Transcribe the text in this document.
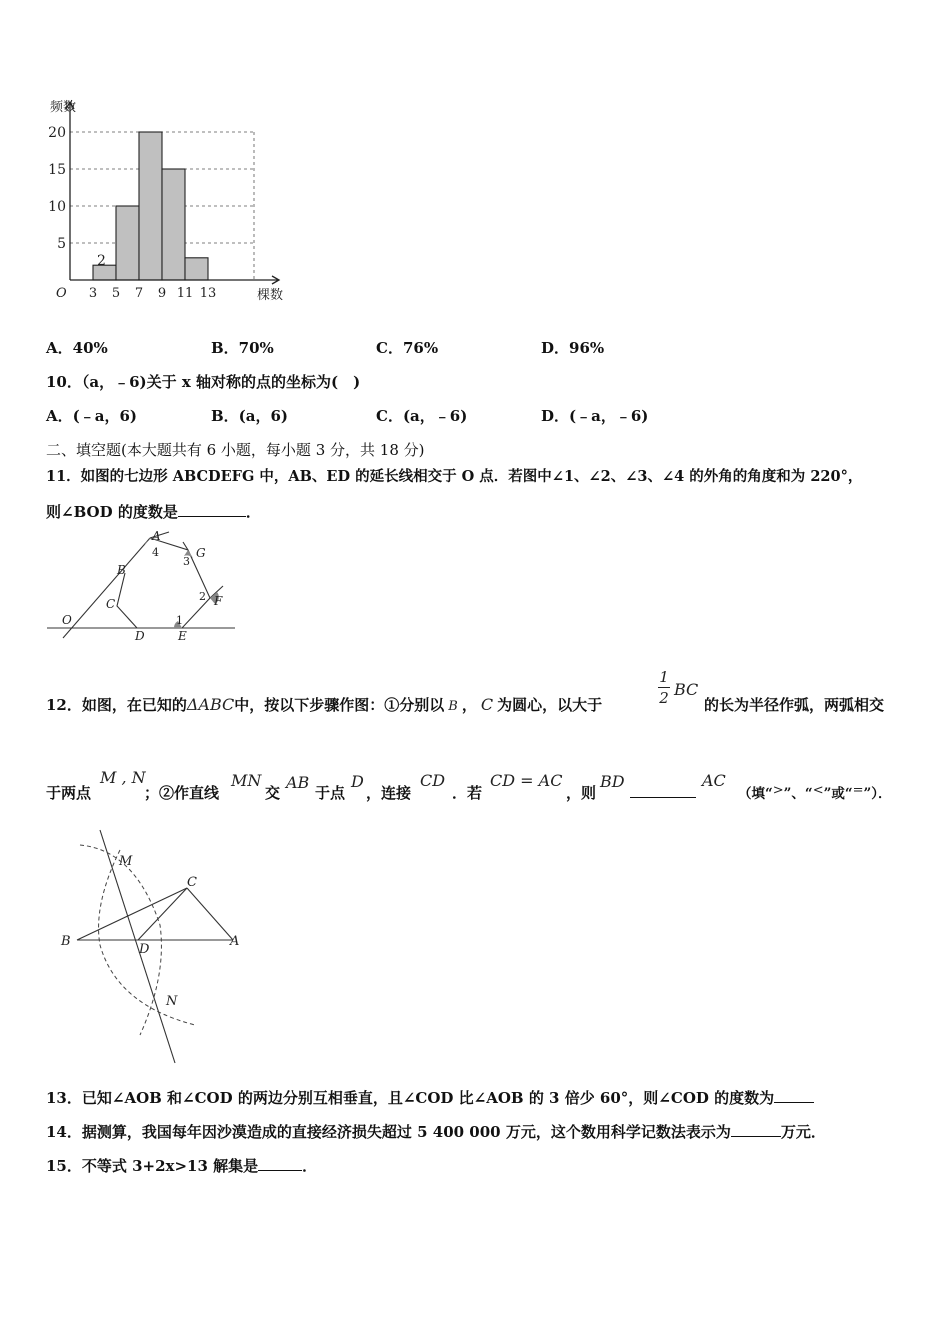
频数
棵数
O
5
10
15
20
3 5 7 9 11 13
2
A．40%	B．70%	C．76%	D．96%
10．（a，﹣6)关于 x 轴对称的点的坐标为(　)
A．(﹣a，6)	B．(a，6)	C．(a，﹣6)	D．(﹣a，﹣6)
二、填空题(本大题共有 6 小题，每小题 3 分，共 18 分)
11．如图的七边形 ABCDEFG 中，AB、ED 的延长线相交于 O 点．若图中∠1、∠2、∠3、∠4 的外角的角度和为 220°，
则∠BOD 的度数是	．
A
G
B
C	F
O
D	E
4
3
2
1
12．如图，在已知的ΔABC中，按以下步骤作图：①分别以 B ， C 为圆心，以大于
1
2 BC
的长为半径作弧，两弧相交
于两点
M , N
；②作直线
MN
交
AB
于点
D
，连接
CD
．若
CD = AC
，则
BD	AC
（填“>”、“<”或“=”）．
M
C
B
D
A
N
13．已知∠AOB 和∠COD 的两边分别互相垂直，且∠COD 比∠AOB 的 3 倍少 60°，则∠COD 的度数为
14．据测算，我国每年因沙漠造成的直接经济损失超过 5 400 000 万元，这个数用科学记数法表示为	万元．
15．不等式 3+2x>13 解集是	．
